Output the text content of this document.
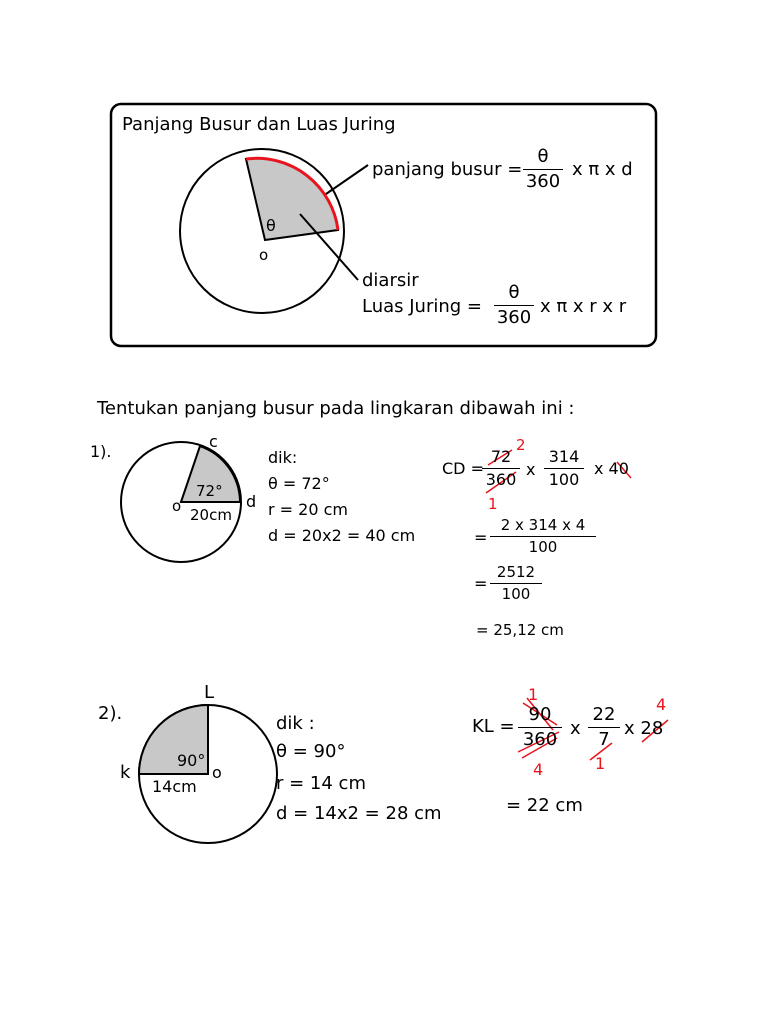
Panjang Busur dan Luas Juring
θ
o
panjang busur =
θ
360
x π x d
diarsir
Luas Juring =
θ
360
x π x r x r
Tentukan panjang busur pada lingkaran dibawah ini :
1).
c
d
o
72°
20cm
dik:
θ = 72°
r = 20 cm
d = 20x2 = 40 cm
CD =
72
360
x
314
100
x 40
2
1
=
2 x 314 x 4
100
=
2512
100
= 25,12 cm
2).
L
k	o
90°
14cm
dik :
θ = 90°
r = 14 cm
d = 14x2 = 28 cm
KL =
90
360
x
22
7
x 28
1
4	1
4
= 22 cm
